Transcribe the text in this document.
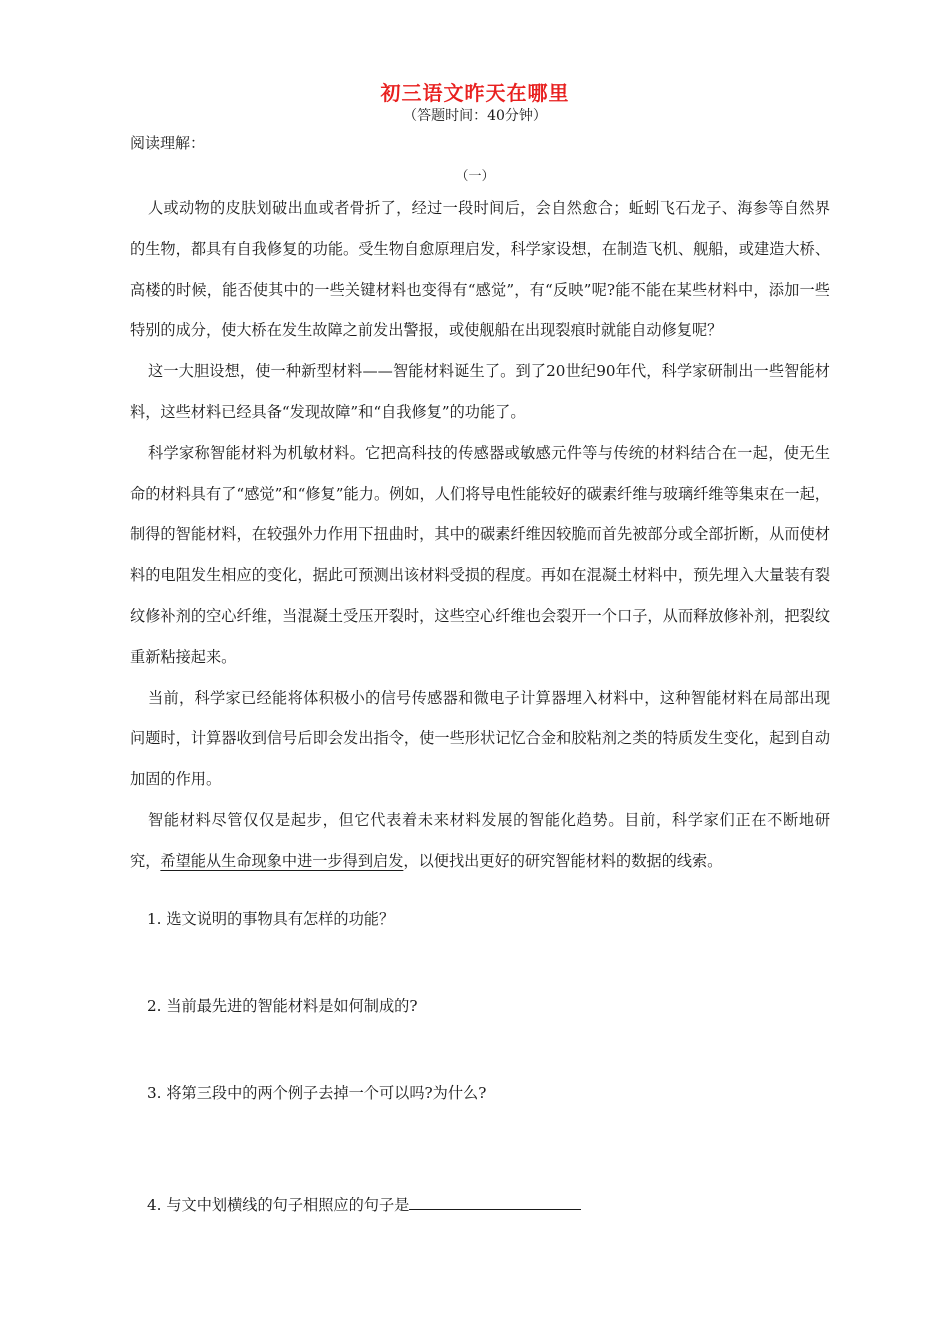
初三语文昨天在哪里
（答题时间：40分钟）
阅读理解：
（一）

人或动物的皮肤划破出血或者骨折了，经过一段时间后，会自然愈合；蚯蚓飞石龙子、海参等自然界的生物，都具有自我修复的功能。受生物自愈原理启发，科学家设想，在制造飞机、舰船，或建造大桥、高楼的时候，能否使其中的一些关键材料也变得有“感觉”，有“反映”呢?能不能在某些材料中，添加一些特别的成分，使大桥在发生故障之前发出警报，或使舰船在出现裂痕时就能自动修复呢？

这一大胆设想，使一种新型材料——智能材料诞生了。到了20世纪90年代，科学家研制出一些智能材料，这些材料已经具备“发现故障”和“自我修复”的功能了。

科学家称智能材料为机敏材料。它把高科技的传感器或敏感元件等与传统的材料结合在一起，使无生命的材料具有了“感觉”和“修复”能力。例如，人们将导电性能较好的碳素纤维与玻璃纤维等集束在一起，制得的智能材料，在较强外力作用下扭曲时，其中的碳素纤维因较脆而首先被部分或全部折断，从而使材料的电阻发生相应的变化，据此可预测出该材料受损的程度。再如在混凝土材料中，预先埋入大量装有裂纹修补剂的空心纤维，当混凝土受压开裂时，这些空心纤维也会裂开一个口子，从而释放修补剂，把裂纹重新粘接起来。

当前，科学家已经能将体积极小的信号传感器和微电子计算器埋入材料中，这种智能材料在局部出现问题时，计算器收到信号后即会发出指令，使一些形状记忆合金和胶粘剂之类的特质发生变化，起到自动加固的作用。

智能材料尽管仅仅是起步，但它代表着未来材料发展的智能化趋势。目前，科学家们正在不断地研究，希望能从生命现象中进一步得到启发，以便找出更好的研究智能材料的数据的线索。

1. 选文说明的事物具有怎样的功能？
2. 当前最先进的智能材料是如何制成的?
3. 将第三段中的两个例子去掉一个可以吗?为什么?
4. 与文中划横线的句子相照应的句子是
